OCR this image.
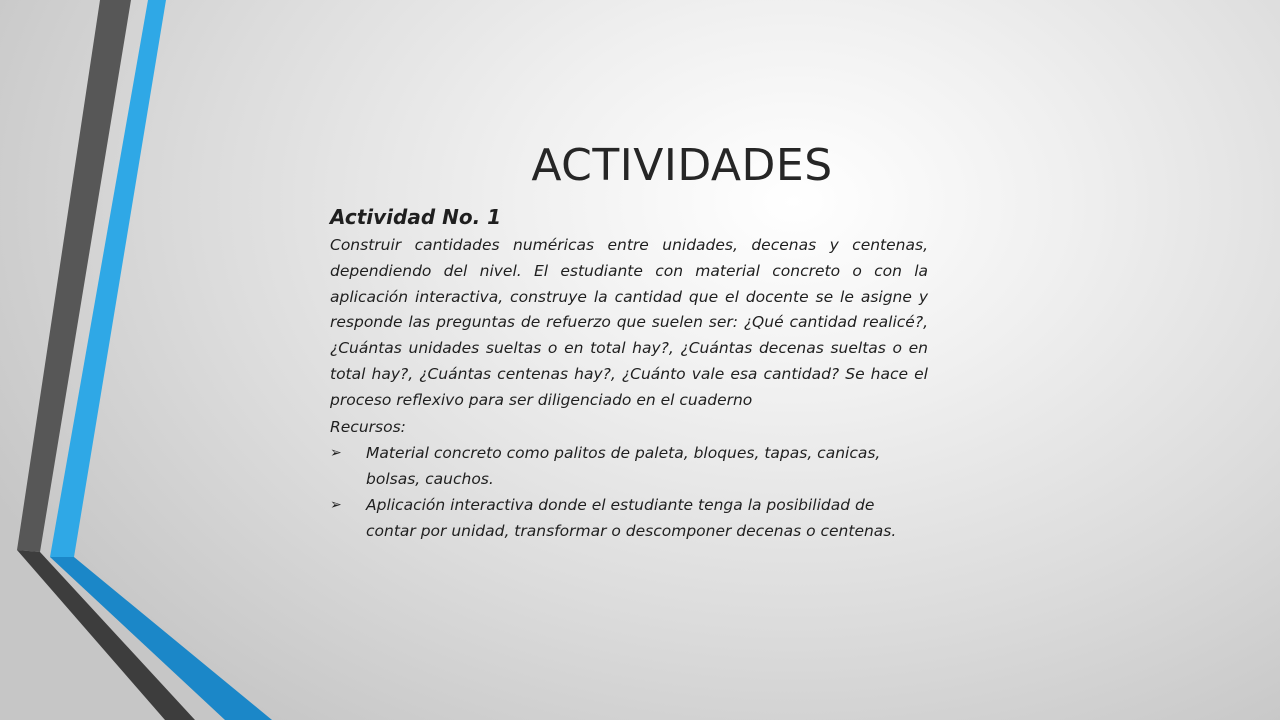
ACTIVIDADES
Actividad No. 1

Construir cantidades numéricas entre unidades, decenas y centenas, dependiendo del nivel. El estudiante con material concreto o con la aplicación interactiva, construye la cantidad que el docente se le asigne y responde las preguntas de refuerzo que suelen ser: ¿Qué cantidad realicé?, ¿Cuántas unidades sueltas o en total hay?, ¿Cuántas decenas sueltas o en total hay?, ¿Cuántas centenas hay?, ¿Cuánto vale esa cantidad? Se hace el proceso reflexivo para ser diligenciado en el cuaderno

Recursos:
➢ Material concreto como palitos de paleta, bloques, tapas, canicas, bolsas, cauchos.
➢ Aplicación interactiva donde el estudiante tenga la posibilidad de contar por unidad, transformar o descomponer decenas o centenas.
